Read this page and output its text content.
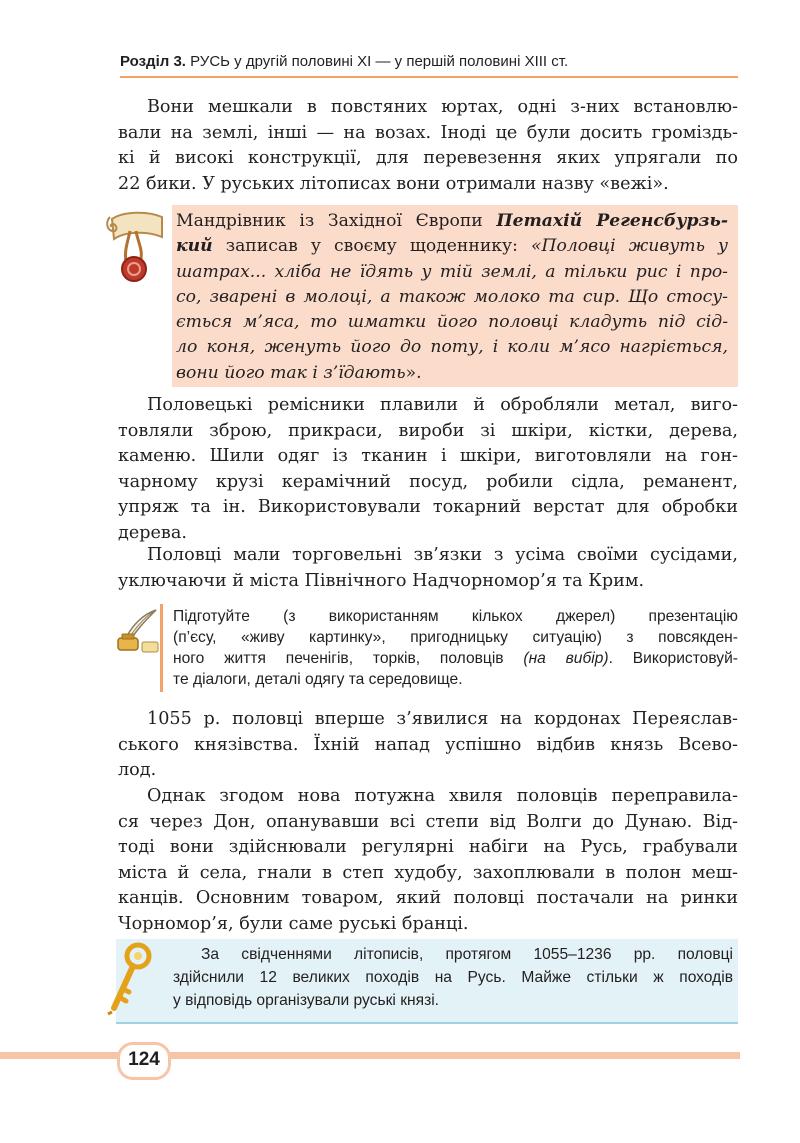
Розділ 3. РУСЬ у другій половині XI — у першій половині XIII ст.

Вони мешкали в повстяних юртах, одні з-них встановлю-
вали на землі, інші — на возах. Іноді це були досить громіздь-
кі й високі конструкції, для перевезення яких упрягали по
22 бики. У руських літописах вони отримали назву «вежі».

Мандрівник із Західної Європи Петахій Регенсбурзь-
кий записав у своєму щоденнику: «Половці живуть у
шатрах... хліба не їдять у тій землі, а тільки рис і про-
со, зварені в молоці, а також молоко та сир. Що стосу-
ється м’яса, то шматки його половці кладуть під сід-
ло коня, женуть його до поту, і коли м’ясо нагріється,
вони його так і з’їдають».

Половецькі ремісники плавили й обробляли метал, виго-
товляли зброю, прикраси, вироби зі шкіри, кістки, дерева,
каменю. Шили одяг із тканин і шкіри, виготовляли на гон-
чарному крузі керамічний посуд, робили сідла, реманент,
упряж та ін. Використовували токарний верстат для обробки
дерева.

Половці мали торговельні зв’язки з усіма своїми сусідами,
уключаючи й міста Північного Надчорномор’я та Крим.

Підготуйте (з використанням кількох джерел) презентацію
(п’єсу, «живу картинку», пригодницьку ситуацію) з повсякден-
ного життя печенігів, торків, половців (на вибір). Використовуй-
те діалоги, деталі одягу та середовище.

1055 р. половці вперше з’явилися на кордонах Переяслав-
ського князівства. Їхній напад успішно відбив князь Всево-
лод.

Однак згодом нова потужна хвиля половців переправила-
ся через Дон, опанувавши всі степи від Волги до Дунаю. Від-
тоді вони здійснювали регулярні набіги на Русь, грабували
міста й села, гнали в степ худобу, захоплювали в полон меш-
канців. Основним товаром, який половці постачали на ринки
Чорномор’я, були саме руські бранці.

За свідченнями літописів, протягом 1055–1236 рр. половці
здійснили 12 великих походів на Русь. Майже стільки ж походів
у відповідь організували руські князі.
124
